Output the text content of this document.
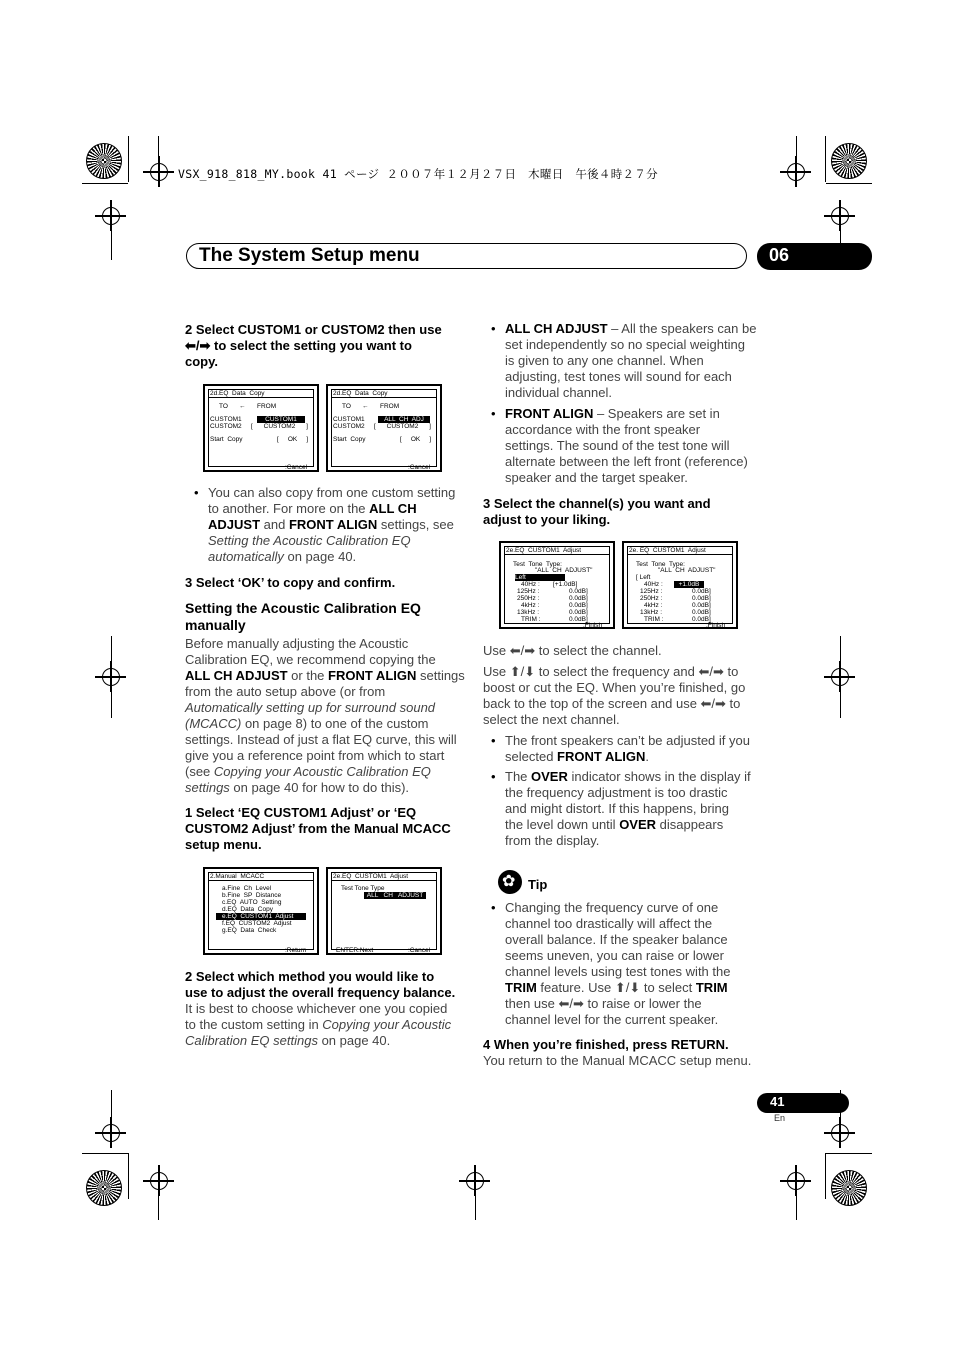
VSX_918_818_MY.book 41 ページ ２００７年１２月２７日　木曜日　午後４時２７分
The System Setup menu	06
2 Select CUSTOM1 or CUSTOM2 then use
⬅/➡ to select the setting you want to
copy.
2d.EQ  Data  Copy
TO ← FROM
CUSTOM1	CUSTOM1
CUSTOM2 [      CUSTOM2      ]
Start  Copy	[     OK     ]
:Cancel
2d.EQ  Data  Copy
TO ← FROM
CUSTOM1	ALL  CH  ADJ
CUSTOM2 [      CUSTOM2      ]
Start  Copy	[     OK     ]
:Cancel
• You can also copy from one custom setting
to another. For more on the ALL CH
ADJUST and FRONT ALIGN settings, see
Setting the Acoustic Calibration EQ
automatically on page 40.
3 Select ‘OK’ to copy and confirm.
Setting the Acoustic Calibration EQ
manually
Before manually adjusting the Acoustic
Calibration EQ, we recommend copying the
ALL CH ADJUST or the FRONT ALIGN settings
from the auto setup above (or from
Automatically setting up for surround sound
(MCACC) on page 8) to one of the custom
settings. Instead of just a flat EQ curve, this will
give you a reference point from which to start
(see Copying your Acoustic Calibration EQ
settings on page 40 for how to do this).
1 Select ‘EQ CUSTOM1 Adjust’ or ‘EQ
CUSTOM2 Adjust’ from the Manual MCACC
setup menu.
2.Manual  MCACC
a.Fine  Ch  Level
b.Fine  SP  Distance
c.EQ  AUTO  Setting
d.EQ  Data  Copy
e.EQ  CUSTOM1  Adjust
f.EQ  CUSTOM2  Adjust
g.EQ  Data  Check
:Return
2e.EQ  CUSTOM1  Adjust
Test Tone Type
ALL   CH   ADJUST
ENTER:Next	:Cancel
2 Select which method you would like to
use to adjust the overall frequency balance.
It is best to choose whichever one you copied
to the custom setting in Copying your Acoustic
Calibration EQ settings on page 40.
• ALL CH ADJUST – All the speakers can be
set independently so no special weighting
is given to any one channel. When
adjusting, test tones will sound for each
individual channel.
• FRONT ALIGN – Speakers are set in
accordance with the front speaker
settings. The sound of the test tone will
alternate between the left front (reference)
speaker and the target speaker.
3 Select the channel(s) you want and
adjust to your liking.
2e.EQ  CUSTOM1  Adjust
Test  Tone  Type:
"ALL  CH  ADJUST"
Left
40Hz : [+1.0dB]
125Hz :	0.0dB]
250Hz :	0.0dB]
4kHz :	0.0dB]
13kHz :	0.0dB]
TRIM :	0.0dB]
:Finish
2e. EQ  CUSTOM1  Adjust
Test  Tone  Type:
"ALL  CH  ADJUST"
[ Left
40Hz :	+1.0dB
125Hz :	0.0dB]
250Hz :	0.0dB]
4kHz :	0.0dB]
13kHz :	0.0dB]
TRIM :	0.0dB]
:Finish
Use ⬅/➡ to select the channel.
Use ⬆/⬇ to select the frequency and ⬅/➡ to
boost or cut the EQ. When you’re finished, go
back to the top of the screen and use ⬅/➡ to
select the next channel.
• The front speakers can’t be adjusted if you
selected FRONT ALIGN.
• The OVER indicator shows in the display if
the frequency adjustment is too drastic
and might distort. If this happens, bring
the level down until OVER disappears
from the display.
✿
Tip
• Changing the frequency curve of one
channel too drastically will affect the
overall balance. If the speaker balance
seems uneven, you can raise or lower
channel levels using test tones with the
TRIM feature. Use ⬆/⬇ to select TRIM
then use ⬅/➡ to raise or lower the
channel level for the current speaker.
4 When you’re finished, press RETURN.
You return to the Manual MCACC setup menu.
41
En
